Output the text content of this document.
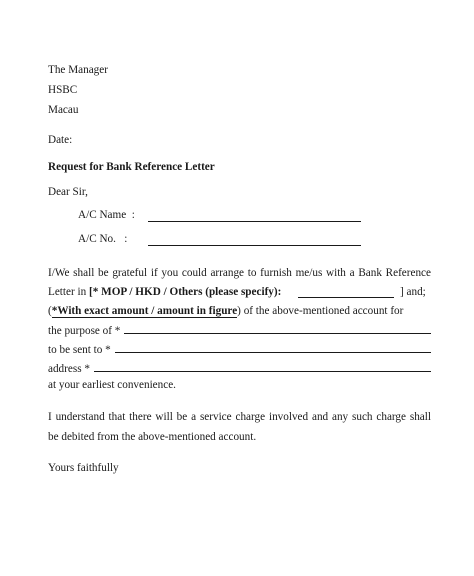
The Manager
HSBC
Macau
Date:
Request for Bank Reference Letter
Dear Sir,
A/C Name  :
A/C No.   :
I/We shall be grateful if you could arrange to furnish me/us with a Bank Reference
Letter in [* MOP / HKD / Others (please specify):	] and;
(*With exact amount / amount in figure) of the above-mentioned account for
the purpose of *
to be sent to *
address *
at your earliest convenience.
I understand that there will be a service charge involved and any such charge shall
be debited from the above-mentioned account.
Yours faithfully
